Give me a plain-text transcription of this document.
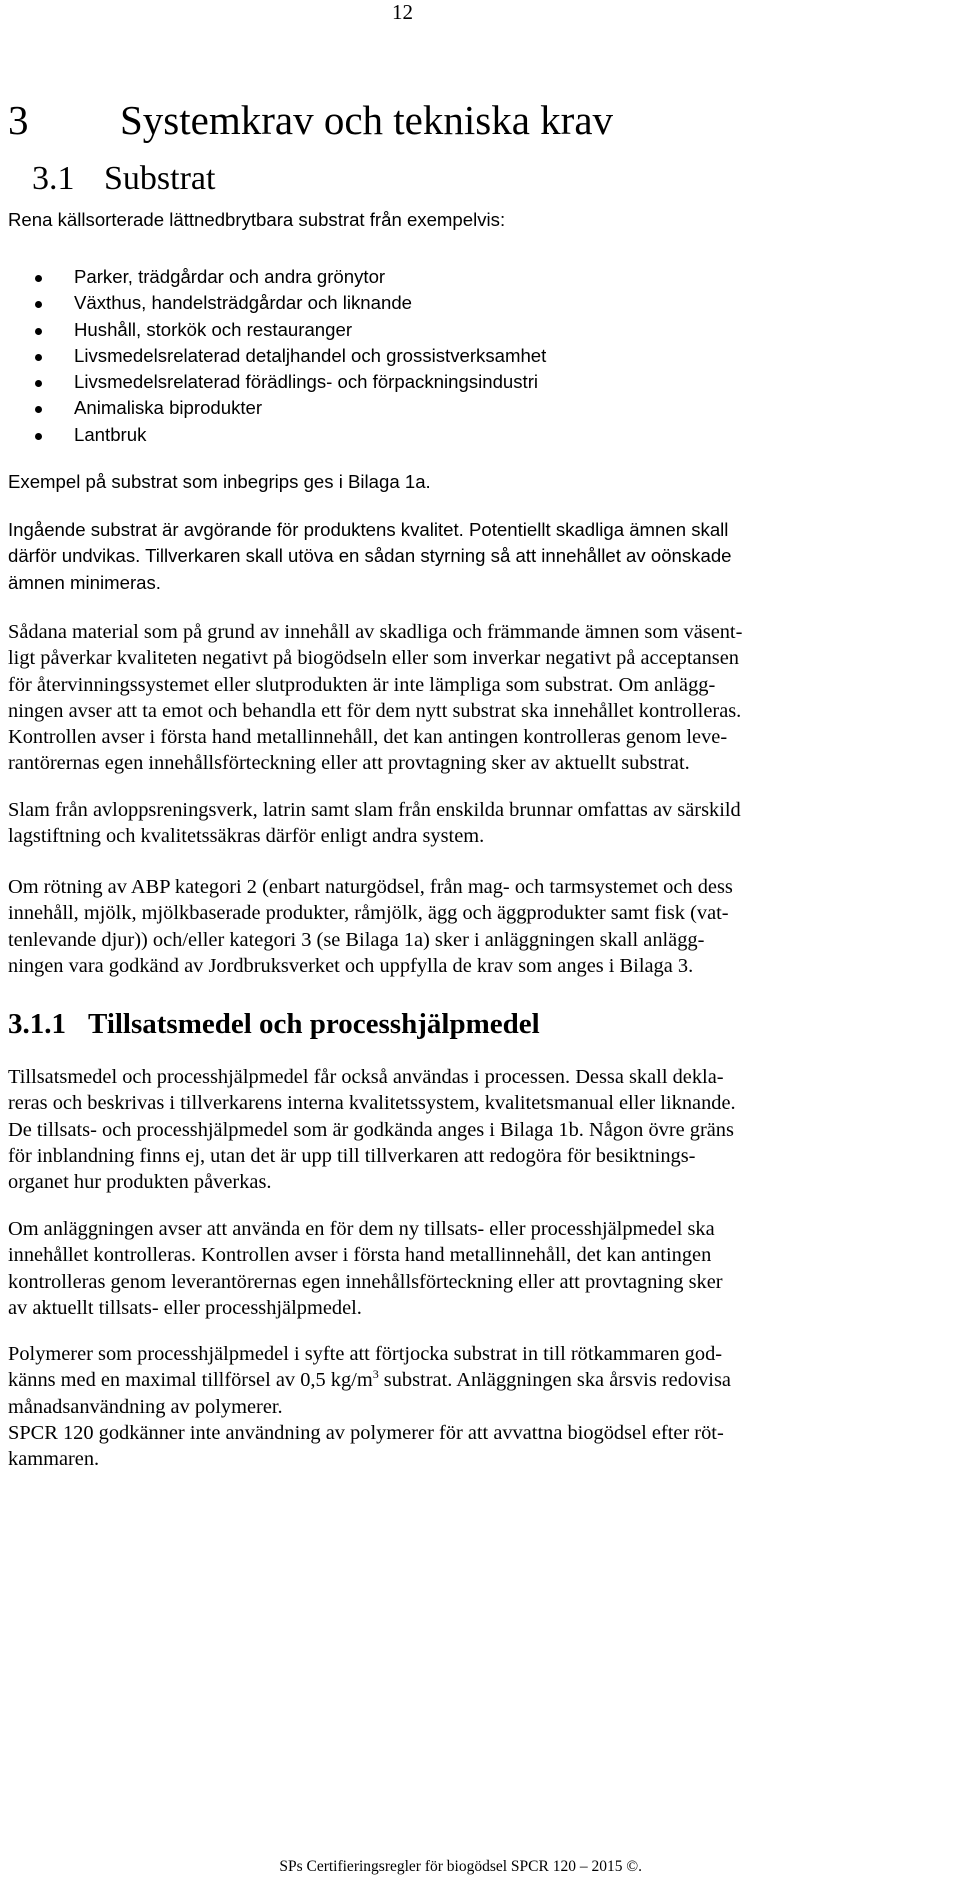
12
3 Systemkrav och tekniska krav
3.1 Substrat

Rena källsorterade lättnedbrytbara substrat från exempelvis:

Parker, trädgårdar och andra grönytor
Växthus, handelsträdgårdar och liknande
Hushåll, storkök och restauranger
Livsmedelsrelaterad detaljhandel och grossistverksamhet
Livsmedelsrelaterad förädlings- och förpackningsindustri
Animaliska biprodukter
Lantbruk

Exempel på substrat som inbegrips ges i Bilaga 1a.

Ingående substrat är avgörande för produktens kvalitet. Potentiellt skadliga ämnen skall
därför undvikas. Tillverkaren skall utöva en sådan styrning så att innehållet av oönskade
ämnen minimeras.

Sådana material som på grund av innehåll av skadliga och främmande ämnen som väsent-
ligt påverkar kvaliteten negativt på biogödseln eller som inverkar negativt på acceptansen
för återvinningssystemet eller slutprodukten är inte lämpliga som substrat. Om anlägg-
ningen avser att ta emot och behandla ett för dem nytt substrat ska innehållet kontrolleras.
Kontrollen avser i första hand metallinnehåll, det kan antingen kontrolleras genom leve-
rantörernas egen innehållsförteckning eller att provtagning sker av aktuellt substrat.

Slam från avloppsreningsverk, latrin samt slam från enskilda brunnar omfattas av särskild
lagstiftning och kvalitetssäkras därför enligt andra system.

Om rötning av ABP kategori 2 (enbart naturgödsel, från mag- och tarmsystemet och dess
innehåll, mjölk, mjölkbaserade produkter, råmjölk, ägg och äggprodukter samt fisk (vat-
tenlevande djur)) och/eller kategori 3 (se Bilaga 1a) sker i anläggningen skall anlägg-
ningen vara godkänd av Jordbruksverket och uppfylla de krav som anges i Bilaga 3.

3.1.1 Tillsatsmedel och processhjälpmedel

Tillsatsmedel och processhjälpmedel får också användas i processen. Dessa skall dekla-
reras och beskrivas i tillverkarens interna kvalitetssystem, kvalitetsmanual eller liknande.
De tillsats- och processhjälpmedel som är godkända anges i Bilaga 1b. Någon övre gräns
för inblandning finns ej, utan det är upp till tillverkaren att redogöra för besiktnings-
organet hur produkten påverkas.

Om anläggningen avser att använda en för dem ny tillsats- eller processhjälpmedel ska
innehållet kontrolleras. Kontrollen avser i första hand metallinnehåll, det kan antingen
kontrolleras genom leverantörernas egen innehållsförteckning eller att provtagning sker
av aktuellt tillsats- eller processhjälpmedel.

Polymerer som processhjälpmedel i syfte att förtjocka substrat in till rötkammaren god-
känns med en maximal tillförsel av 0,5 $kg/m^3$ substrat. Anläggningen ska årsvis redovisa
månadsanvändning av polymerer.

SPCR 120 godkänner inte användning av polymerer för att avvattna biogödsel efter röt-
kammaren.

SPs Certifieringsregler för biogödsel SPCR 120 – 2015 ©.
